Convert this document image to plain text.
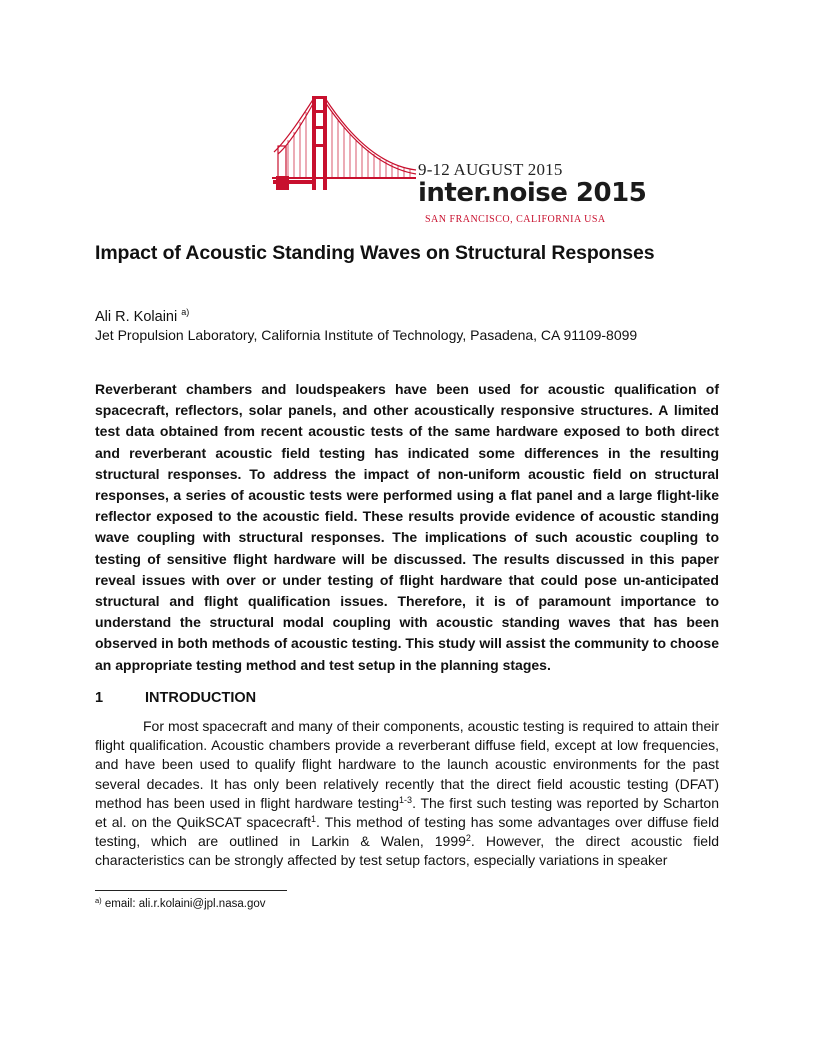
9-12 AUGUST 2015
inter.noise 2015
SAN FRANCISCO, CALIFORNIA USA
Impact of Acoustic Standing Waves on Structural Responses
Ali R. Kolaini $^{a)}$
Jet Propulsion Laboratory, California Institute of Technology, Pasadena, CA 91109-8099

Reverberant chambers and loudspeakers have been used for acoustic qualification of spacecraft, reflectors, solar panels, and other acoustically responsive structures. A limited test data obtained from recent acoustic tests of the same hardware exposed to both direct and reverberant acoustic field testing has indicated some differences in the resulting structural responses. To address the impact of non-uniform acoustic field on structural responses, a series of acoustic tests were performed using a flat panel and a large flight-like reflector exposed to the acoustic field. These results provide evidence of acoustic standing wave coupling with structural responses. The implications of such acoustic coupling to testing of sensitive flight hardware will be discussed. The results discussed in this paper reveal issues with over or under testing of flight hardware that could pose un-anticipated structural and flight qualification issues. Therefore, it is of paramount importance to understand the structural modal coupling with acoustic standing waves that has been observed in both methods of acoustic testing. This study will assist the community to choose an appropriate testing method and test setup in the planning stages.

1	INTRODUCTION

For most spacecraft and many of their components, acoustic testing is required to attain their flight qualification. Acoustic chambers provide a reverberant diffuse field, except at low frequencies, and have been used to qualify flight hardware to the launch acoustic environments for the past several decades. It has only been relatively recently that the direct field acoustic testing (DFAT) method has been used in flight hardware testing$^{1-3}$. The first such testing was reported by Scharton et al. on the QuikSCAT spacecraft$^1$. This method of testing has some advantages over diffuse field testing, which are outlined in Larkin & Walen, 1999$^2$. However, the direct acoustic field characteristics can be strongly affected by test setup factors, especially variations in speaker

$^{a)}$ email: ali.r.kolaini@jpl.nasa.gov
